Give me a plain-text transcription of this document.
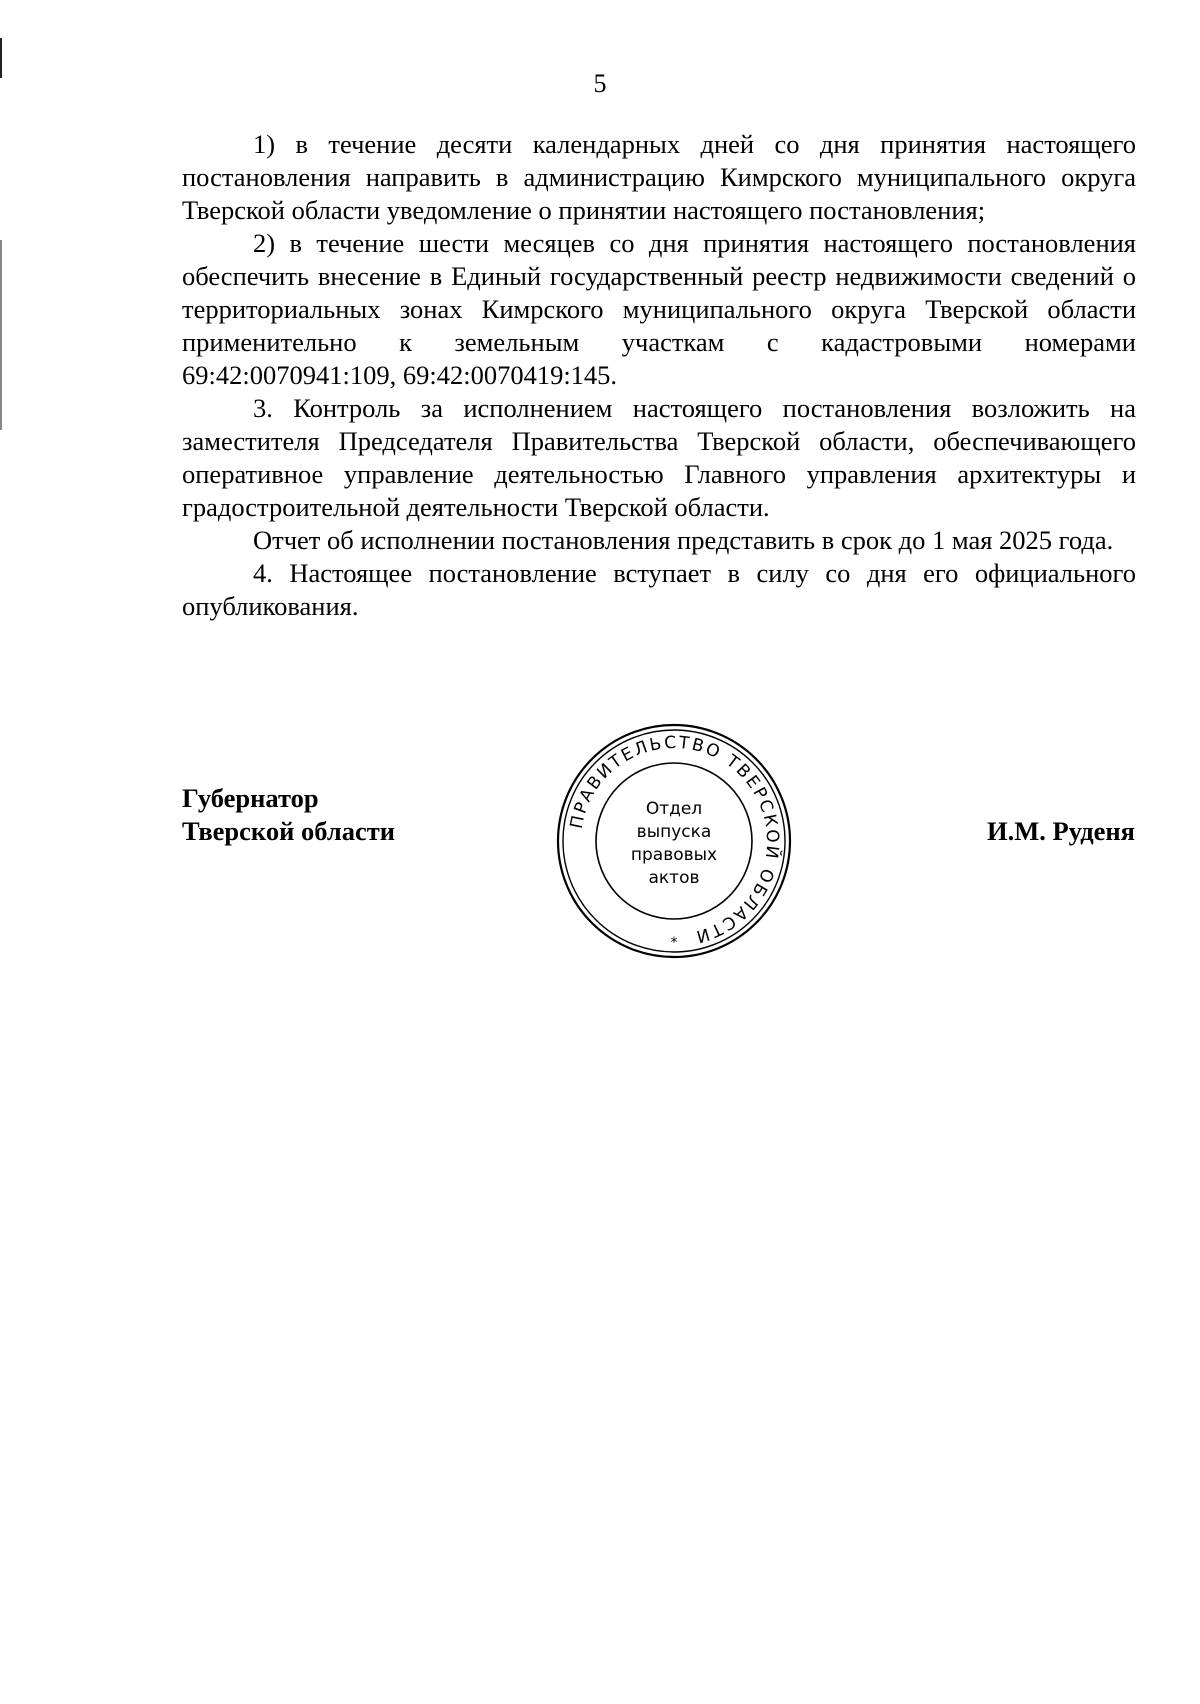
5

1) в течение десяти календарных дней со дня принятия настоящего постановления направить в администрацию Кимрского муниципального округа Тверской области уведомление о принятии настоящего постановления;

2) в течение шести месяцев со дня принятия настоящего постановления обеспечить внесение в Единый государственный реестр недвижимости сведений о территориальных зонах Кимрского муниципального округа Тверской области применительно к земельным участкам с кадастровыми номерами 69:42:0070941:109, 69:42:0070419:145.

3. Контроль за исполнением настоящего постановления возложить на заместителя Председателя Правительства Тверской области, обеспечивающего оперативное управление деятельностью Главного управления архитектуры и градостроительной деятельности Тверской области.

Отчет об исполнении постановления представить в срок до 1 мая 2025 года.

4. Настоящее постановление вступает в силу со дня его официального опубликования.

Губернатор
Тверской области	И.М. Руденя
ПРАВИТЕЛЬСТВО ТВЕРСКОЙ ОБЛАСТИ
*
Отдел
выпуска
правовых
актов
